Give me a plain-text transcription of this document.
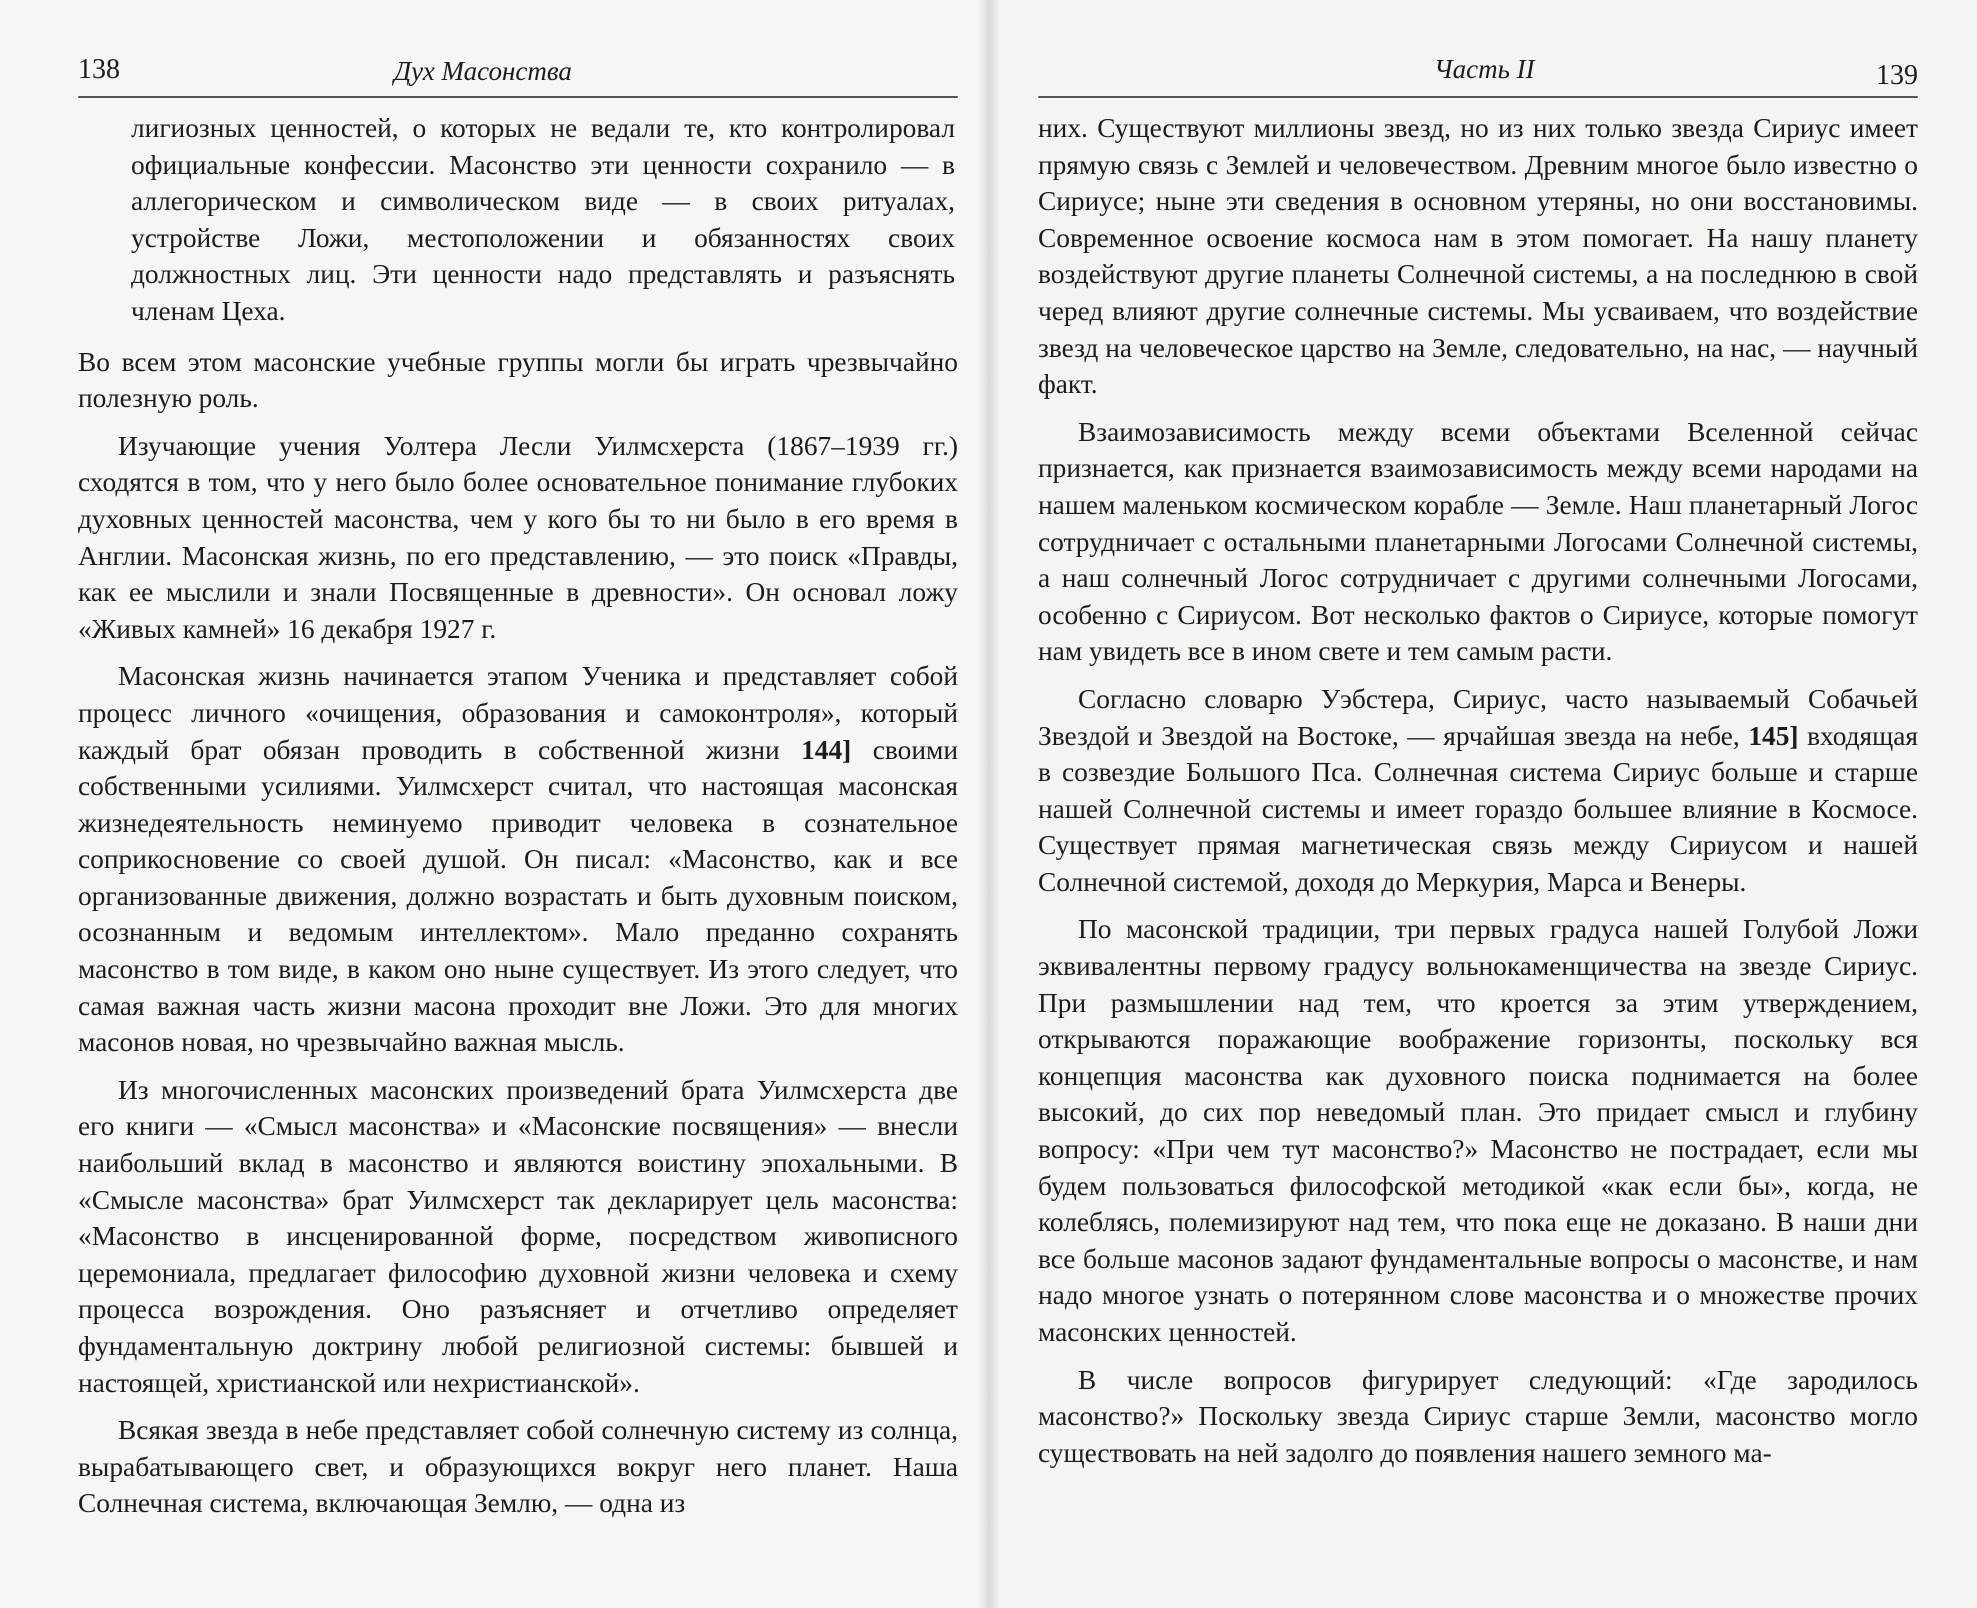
138	Дух Масонства

лигиозных ценностей, о которых не ведали те, кто контролировал официальные конфессии. Масонство эти ценности сохранило — в аллегорическом и символическом виде — в своих ритуалах, устройстве Ложи, местоположении и обязанностях своих должностных лиц. Эти ценности надо представлять и разъяснять членам Цеха.

Во всем этом масонские учебные группы могли бы играть чрезвычайно полезную роль.

Изучающие учения Уолтера Лесли Уилмсхерста (1867–1939 гг.) сходятся в том, что у него было более основательное понимание глубоких духовных ценностей масонства, чем у кого бы то ни было в его время в Англии. Масонская жизнь, по его представлению, — это поиск «Правды, как ее мыслили и знали Посвященные в древности». Он основал ложу «Живых камней» 16 декабря 1927 г.

Масонская жизнь начинается этапом Ученика и представляет собой процесс личного «очищения, образования и самоконтроля», который каждый брат обязан проводить в собственной жизни 144] своими собственными усилиями. Уилмсхерст считал, что настоящая масонская жизнедеятельность неминуемо приводит человека в сознательное соприкосновение со своей душой. Он писал: «Масонство, как и все организованные движения, должно возрастать и быть духовным поиском, осознанным и ведомым интеллектом». Мало преданно сохранять масонство в том виде, в каком оно ныне существует. Из этого следует, что самая важная часть жизни масона проходит вне Ложи. Это для многих масонов новая, но чрезвычайно важная мысль.

Из многочисленных масонских произведений брата Уилмсхерста две его книги — «Смысл масонства» и «Масонские посвящения» — внесли наибольший вклад в масонство и являются воистину эпохальными. В «Смысле масонства» брат Уилмсхерст так декларирует цель масонства: «Масонство в инсценированной форме, посредством живописного церемониала, предлагает философию духовной жизни человека и схему процесса возрождения. Оно разъясняет и отчетливо определяет фундаментальную доктрину любой религиозной системы: бывшей и настоящей, христианской или нехристианской».

Всякая звезда в небе представляет собой солнечную систему из солнца, вырабатывающего свет, и образующихся вокруг него планет. Наша Солнечная система, включающая Землю, — одна из

Часть II	139

них. Существуют миллионы звезд, но из них только звезда Сириус имеет прямую связь с Землей и человечеством. Древним многое было известно о Сириусе; ныне эти сведения в основном утеряны, но они восстановимы. Современное освоение космоса нам в этом помогает. На нашу планету воздействуют другие планеты Солнечной системы, а на последнюю в свой черед влияют другие солнечные системы. Мы усваиваем, что воздействие звезд на человеческое царство на Земле, следовательно, на нас, — научный факт.

Взаимозависимость между всеми объектами Вселенной сейчас признается, как признается взаимозависимость между всеми народами на нашем маленьком космическом корабле — Земле. Наш планетарный Логос сотрудничает с остальными планетарными Логосами Солнечной системы, а наш солнечный Логос сотрудничает с другими солнечными Логосами, особенно с Сириусом. Вот несколько фактов о Сириусе, которые помогут нам увидеть все в ином свете и тем самым расти.

Согласно словарю Уэбстера, Сириус, часто называемый Собачьей Звездой и Звездой на Востоке, — ярчайшая звезда на небе, 145] входящая в созвездие Большого Пса. Солнечная система Сириус больше и старше нашей Солнечной системы и имеет гораздо большее влияние в Космосе. Существует прямая магнетическая связь между Сириусом и нашей Солнечной системой, доходя до Меркурия, Марса и Венеры.

По масонской традиции, три первых градуса нашей Голубой Ложи эквивалентны первому градусу вольнокаменщичества на звезде Сириус. При размышлении над тем, что кроется за этим утверждением, открываются поражающие воображение горизонты, поскольку вся концепция масонства как духовного поиска поднимается на более высокий, до сих пор неведомый план. Это придает смысл и глубину вопросу: «При чем тут масонство?» Масонство не пострадает, если мы будем пользоваться философской методикой «как если бы», когда, не колеблясь, полемизируют над тем, что пока еще не доказано. В наши дни все больше масонов задают фундаментальные вопросы о масонстве, и нам надо многое узнать о потерянном слове масонства и о множестве прочих масонских ценностей.

В числе вопросов фигурирует следующий: «Где зародилось масонство?» Поскольку звезда Сириус старше Земли, масонство могло существовать на ней задолго до появления нашего земного ма-
